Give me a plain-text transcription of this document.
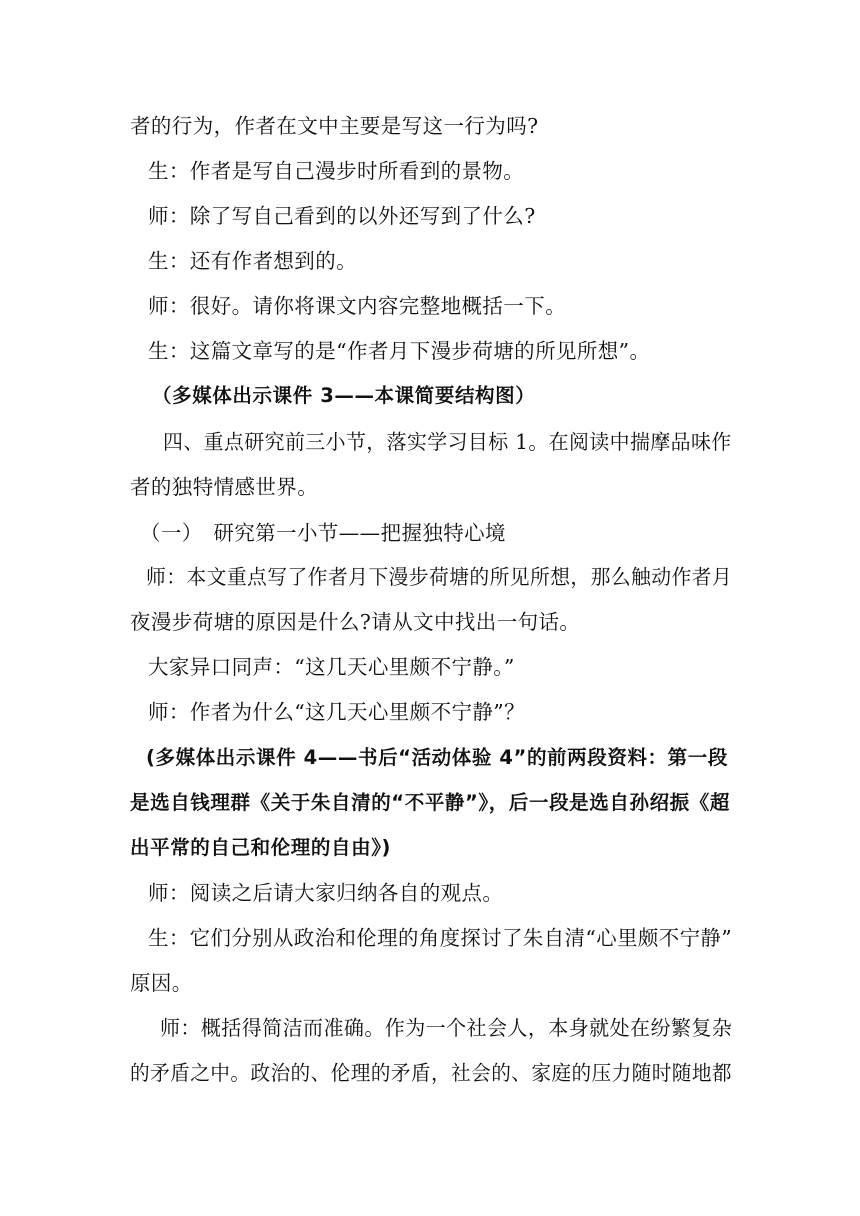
者的行为，作者在文中主要是写这一行为吗?
生：作者是写自己漫步时所看到的景物。
师：除了写自己看到的以外还写到了什么?
生：还有作者想到的。
师：很好。请你将课文内容完整地概括一下。
生：这篇文章写的是“作者月下漫步荷塘的所见所想”。
（多媒体出示课件 3——本课简要结构图）
四、重点研究前三小节，落实学习目标 1。在阅读中揣摩品味作
者的独特情感世界。
（一）　研究第一小节——把握独特心境
师：本文重点写了作者月下漫步荷塘的所见所想，那么触动作者月
夜漫步荷塘的原因是什么?请从文中找出一句话。
大家异口同声：“这几天心里颇不宁静。”
师：作者为什么“这几天心里颇不宁静”？
(多媒体出示课件 4——书后“活动体验 4”的前两段资料：第一段
是选自钱理群《关于朱自清的“不平静”》，后一段是选自孙绍振《超
出平常的自己和伦理的自由》)
师：阅读之后请大家归纳各自的观点。
生：它们分别从政治和伦理的角度探讨了朱自清“心里颇不宁静”
原因。
师：概括得简洁而准确。作为一个社会人，本身就处在纷繁复杂
的矛盾之中。政治的、伦理的矛盾，社会的、家庭的压力随时随地都
